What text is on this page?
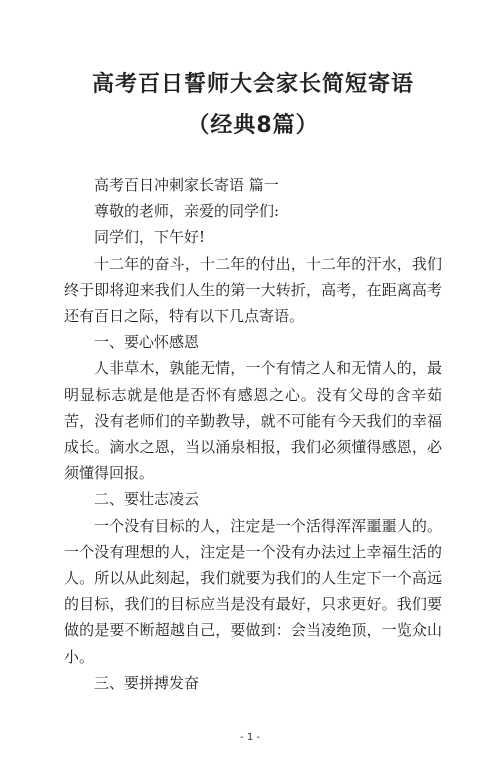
高考百日誓师大会家长简短寄语（经典8篇）

高考百日冲刺家长寄语 篇一

尊敬的老师，亲爱的同学们:

同学们，下午好!

十二年的奋斗，十二年的付出，十二年的汗水，我们终于即将迎来我们人生的第一大转折，高考，在距离高考还有百日之际，特有以下几点寄语。

一、要心怀感恩

人非草木，孰能无情，一个有情之人和无情人的，最明显标志就是他是否怀有感恩之心。没有父母的含辛茹苦，没有老师们的辛勤教导，就不可能有今天我们的幸福成长。滴水之恩，当以涌泉相报，我们必须懂得感恩，必须懂得回报。

二、要壮志凌云

一个没有目标的人，注定是一个活得浑浑噩噩人的。一个没有理想的人，注定是一个没有办法过上幸福生活的人。所以从此刻起，我们就要为我们的人生定下一个高远的目标，我们的目标应当是没有最好，只求更好。我们要做的是要不断超越自己，要做到：会当凌绝顶，一览众山小。

三、要拼搏发奋

- 1 -
